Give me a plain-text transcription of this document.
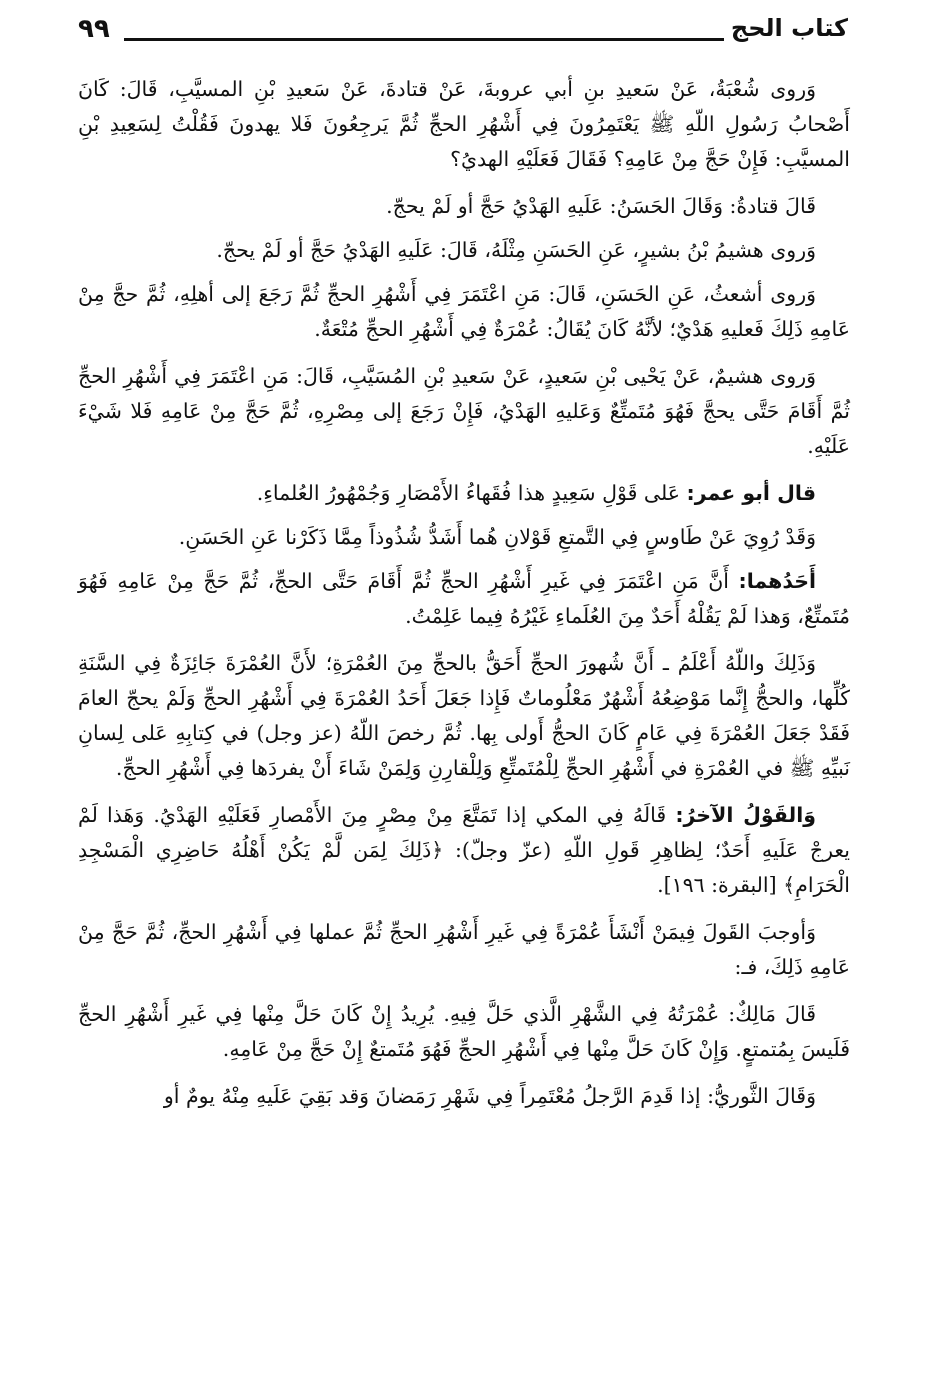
٩٩	كتاب الحج

وَروى شُعْبَةُ، عَنْ سَعيدِ بنِ أبي عروبةَ، عَنْ قتادةَ، عَنْ سَعيدِ بْنِ المسيَّبِ، قَالَ: كَانَ أَصْحابُ رَسُولِ اللّهِ ﷺ يَعْتَمِرُونَ فِي أَشْهُرِ الحجِّ ثُمَّ يَرجِعُونَ فَلا يهدونَ فَقُلْتُ لِسَعِيدِ بْنِ المسيَّبِ: فَإِنْ حَجَّ مِنْ عَامِهِ؟ فَقَالَ فَعَلَيْهِ الهديُ؟

قَالَ قتادةُ: وَقَالَ الحَسَنُ: عَلَيهِ الهَدْيُ حَجَّ أو لَمْ يحجّ.

وَروى هشيمُ بْنُ بشيرٍ، عَنِ الحَسَنِ مِثْلَهُ، قَالَ: عَلَيهِ الهَدْيُ حَجَّ أو لَمْ يحجّ.

وَروى أشعثُ، عَنِ الحَسَنِ، قَالَ: مَنِ اعْتَمَرَ فِي أَشْهُرِ الحجِّ ثُمَّ رَجَعَ إلى أهلِهِ، ثُمَّ حجَّ مِنْ عَامِهِ ذَلِكَ فَعليهِ هَدْيٌ؛ لأنَّهُ كَانَ يُقَالُ: عُمْرَةٌ فِي أَشْهُرِ الحجِّ مُتْعَةٌ.

وَروى هشيمٌ، عَنْ يَحْيى بْنِ سَعيدٍ، عَنْ سَعيدِ بْنِ المُسَيَّبِ، قَالَ: مَنِ اعْتَمَرَ فِي أَشْهُرِ الحجِّ ثُمَّ أَقَامَ حَتَّى يحجَّ فَهُوَ مُتَمتِّعٌ وَعَليهِ الهَدْيُ، فَإِنْ رَجَعَ إلى مِصْرِهِ، ثُمَّ حَجَّ مِنْ عَامِهِ فَلا شَيْءَ عَلَيْهِ.

قال أبو عمر: عَلى قَوْلِ سَعِيدٍ هذا فُقَهاءُ الأَمْصَارِ وَجُمْهُورُ العُلماءِ.

وَقَدْ رُوِيَ عَنْ طَاوسٍ فِي التَّمتعِ قَوْلانِ هُما أَشَدُّ شُذُوذاً مِمَّا ذَكَرْنا عَنِ الحَسَنِ.

أَحَدُهما: أَنَّ مَنِ اعْتَمَرَ فِي غَيرِ أَشْهُرِ الحجِّ ثُمَّ أَقَامَ حَتَّى الحجِّ، ثُمَّ حَجَّ مِنْ عَامِهِ فَهُوَ مُتَمتِّعٌ، وَهذا لَمْ يَقُلْهُ أَحَدٌ مِنَ العُلَماءِ غَيْرُهُ فِيما عَلِمْتُ.

وَذَلِكَ واللّهُ أَعْلَمُ ـ أَنَّ شُهورَ الحجِّ أَحَقُّ بالحجِّ مِنَ العُمْرَةِ؛ لأَنَّ العُمْرَةَ جَائِزَةٌ فِي السَّنَةِ كُلِّها، والحجُّ إِنَّما مَوْضِعُهُ أَشْهُرٌ مَعْلُوماتٌ فَإِذا جَعَلَ أَحَدُ العُمْرَةَ فِي أَشْهُرِ الحجِّ وَلَمْ يحجّ العامَ فَقَدْ جَعَلَ العُمْرَةَ فِي عَامٍ كَانَ الحجُّ أَولى بِها. ثُمَّ رخصَ اللّهُ (عز وجل) في كِتابِهِ عَلى لِسانِ نَبيِّهِ ﷺ في العُمْرَةِ في أَشْهُرِ الحجِّ لِلْمُتَمتِّعِ وَلِلْقارِنِ وَلِمَنْ شَاءَ أَنْ يفردَها فِي أَشْهُرِ الحجِّ.

وَالقَوْلُ الآخرُ: قَالَهُ فِي المكي إذا تَمَتَّعَ مِنْ مِصْرٍ مِنَ الأَمْصارِ فَعَلَيْهِ الهَدْيُ. وَهَذا لَمْ يعرجْ عَلَيهِ أَحَدٌ؛ لِظاهِرِ قَولِ اللّهِ (عزّ وجلّ): ﴿ذَلِكَ لِمَن لَّمْ يَكُنْ أَهْلُهُ حَاضِرِي الْمَسْجِدِ الْحَرَامِ﴾ [البقرة: ١٩٦].

وَأوجبَ القَولَ فِيمَنْ أَنْشَأَ عُمْرَةً فِي غَيرِ أَشْهُرِ الحجِّ ثُمَّ عملها فِي أَشْهُرِ الحجِّ، ثُمَّ حَجَّ مِنْ عَامِهِ ذَلِكَ، فـ:

قَالَ مَالِكٌ: عُمْرَتُهُ فِي الشَّهْرِ الَّذي حَلَّ فِيهِ. يُرِيدُ إِنْ كَانَ حَلَّ مِنْها فِي غَيرِ أَشْهُرِ الحجِّ فَلَيسَ بِمُتمتعٍ. وَإِنْ كَانَ حَلَّ مِنْها فِي أَشْهُرِ الحجِّ فَهُوَ مُتَمتعٌ إِنْ حَجَّ مِنْ عَامِهِ.

وَقَالَ الثَّوريُّ: إذا قَدِمَ الرَّجلُ مُعْتَمِراً فِي شَهْرِ رَمَضانَ وَقد بَقِيَ عَلَيهِ مِنْهُ يومٌ أو
